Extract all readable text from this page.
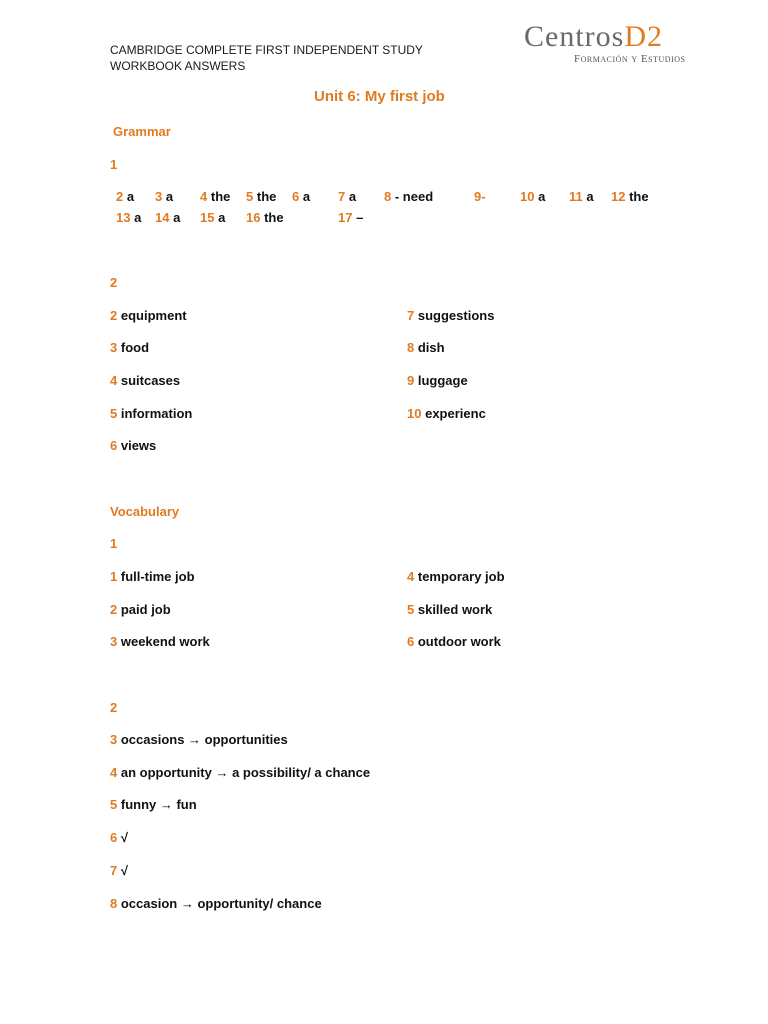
CAMBRIDGE COMPLETE FIRST INDEPENDENT STUDY
WORKBOOK ANSWERS
CentrosD2
Formación y Estudios
Unit 6: My first job
Grammar
1
2 a 3 a 4 the 5 the 6 a 7 a 8 - need	9-	10 a 11 a 12 the
13 a 14 a 15 a 16 the	17 –
2
2 equipment
3 food
4 suitcases
5 information
6 views
7 suggestions
8 dish
9 luggage
10 experienc
Vocabulary
1
1 full-time job
2 paid job
3 weekend work
4 temporary job
5 skilled work
6 outdoor work
2
3 occasions → opportunities
4 an opportunity → a possibility/ a chance
5 funny → fun
6 √
7 √
8 occasion → opportunity/ chance
